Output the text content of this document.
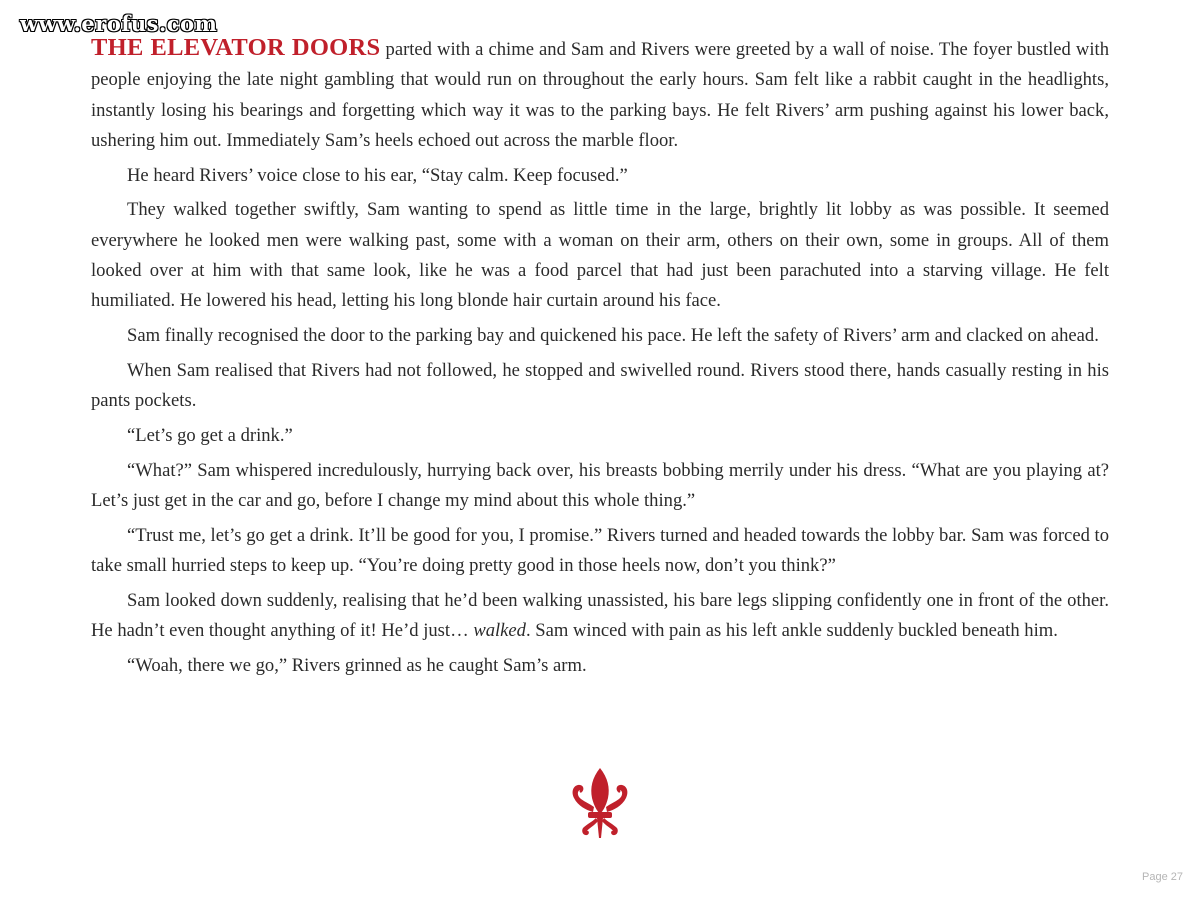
www.erofus.com

THE ELEVATOR DOORS parted with a chime and Sam and Rivers were greeted by a wall of noise. The foyer bustled with people enjoying the late night gambling that would run on throughout the early hours. Sam felt like a rabbit caught in the headlights, instantly losing his bearings and forgetting which way it was to the parking bays. He felt Rivers’ arm pushing against his lower back, ushering him out. Immediately Sam’s heels echoed out across the marble floor.

He heard Rivers’ voice close to his ear, “Stay calm. Keep focused.”

They walked together swiftly, Sam wanting to spend as little time in the large, brightly lit lobby as was possible. It seemed everywhere he looked men were walking past, some with a woman on their arm, others on their own, some in groups. All of them looked over at him with that same look, like he was a food parcel that had just been parachuted into a starving village. He felt humiliated. He lowered his head, letting his long blonde hair curtain around his face.

Sam finally recognised the door to the parking bay and quickened his pace. He left the safety of Rivers’ arm and clacked on ahead.

When Sam realised that Rivers had not followed, he stopped and swivelled round. Rivers stood there, hands casually resting in his pants pockets.

“Let’s go get a drink.”

“What?” Sam whispered incredulously, hurrying back over, his breasts bobbing merrily under his dress. “What are you playing at? Let’s just get in the car and go, before I change my mind about this whole thing.”

“Trust me, let’s go get a drink. It’ll be good for you, I promise.” Rivers turned and headed towards the lobby bar. Sam was forced to take small hurried steps to keep up. “You’re doing pretty good in those heels now, don’t you think?”

Sam looked down suddenly, realising that he’d been walking unassisted, his bare legs slipping confidently one in front of the other. He hadn’t even thought anything of it! He’d just… walked. Sam winced with pain as his left ankle suddenly buckled beneath him.

“Woah, there we go,” Rivers grinned as he caught Sam’s arm.

Page 27
